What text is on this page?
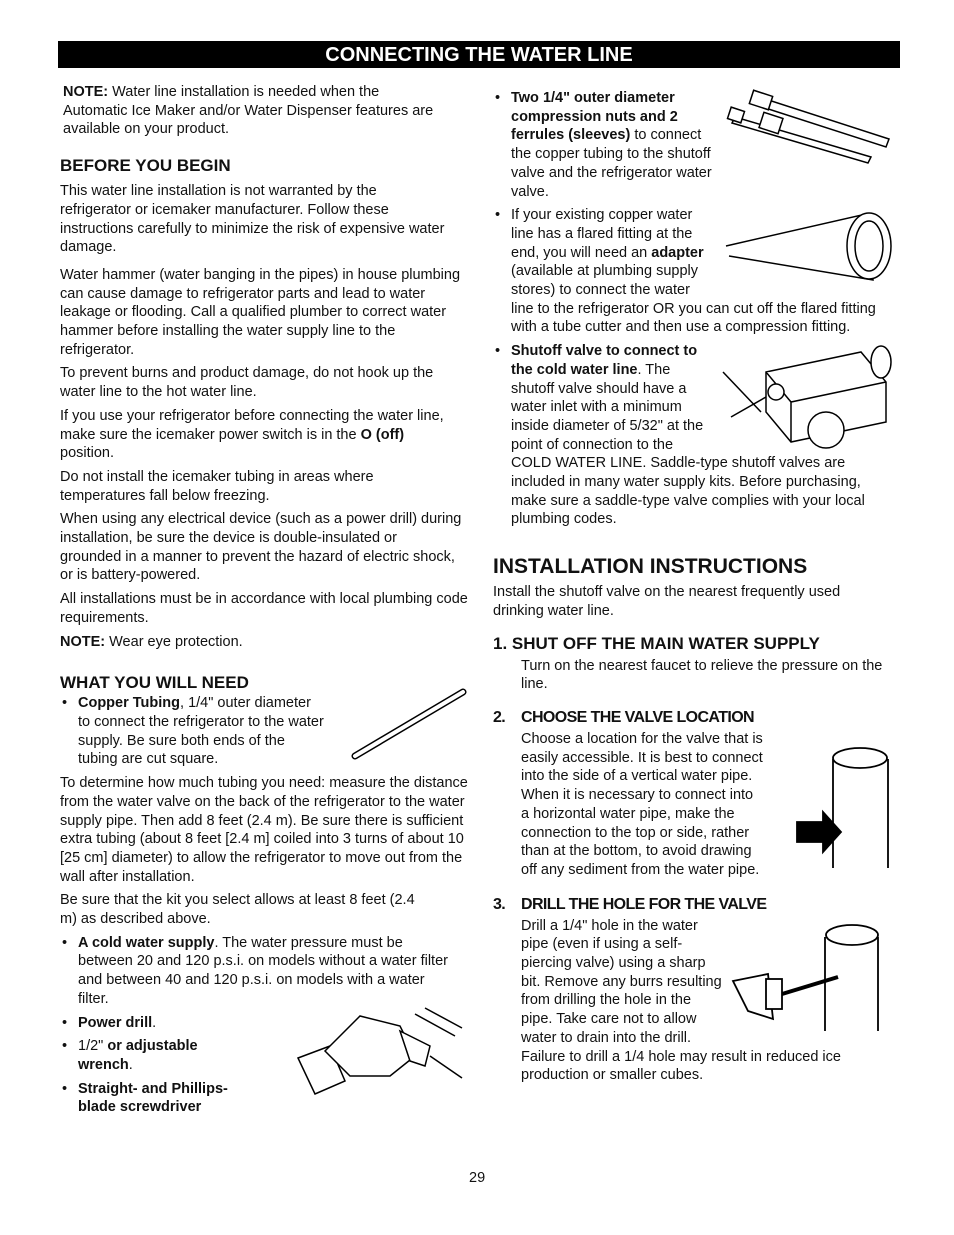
CONNECTING THE WATER LINE

NOTE: Water line installation is needed when the Automatic Ice Maker and/or Water Dispenser features are available on your product.

BEFORE YOU BEGIN

This water line installation is not warranted by the refrigerator or icemaker manufacturer. Follow these instructions carefully to minimize the risk of expensive water damage.

Water hammer (water banging in the pipes) in house plumbing can cause damage to refrigerator parts and lead to water leakage or flooding. Call a qualified plumber to correct water hammer before installing the water supply line to the refrigerator.

To prevent burns and product damage, do not hook up the water line to the hot water line.

If you use your refrigerator before connecting the water line, make sure the icemaker power switch is in the O (off) position.

Do not install the icemaker tubing in areas where temperatures fall below freezing.

When using any electrical device (such as a power drill) during installation, be sure the device is double-insulated or grounded in a manner to prevent the hazard of electric shock, or is battery-powered.

All installations must be in accordance with local plumbing code requirements.

NOTE: Wear eye protection.

WHAT YOU WILL NEED
• Copper Tubing, 1/4" outer diameter to connect the refrigerator to the water supply. Be sure both ends of the tubing are cut square.

To determine how much tubing you need: measure the distance from the water valve on the back of the refrigerator to the water supply pipe. Then add 8 feet (2.4 m). Be sure there is sufficient extra tubing (about 8 feet [2.4 m] coiled into 3 turns of about 10 [25 cm] diameter) to allow the refrigerator to move out from the wall after installation.

Be sure that the kit you select allows at least 8 feet (2.4 m) as described above.

• A cold water supply. The water pressure must be between 20 and 120 p.s.i. on models without a water filter and between 40 and 120 p.s.i. on models with a water filter.
• Power drill.
• 1/2" or adjustable wrench.
• Straight- and Phillips-blade screwdriver
• Two 1/4" outer diameter compression nuts and 2 ferrules (sleeves) to connect the copper tubing to the shutoff valve and the refrigerator water valve.
• If your existing copper water line has a flared fitting at the end, you will need an adapter (available at plumbing supply stores) to connect the water line to the refrigerator OR you can cut off the flared fitting with a tube cutter and then use a compression fitting.
• Shutoff valve to connect to the cold water line. The shutoff valve should have a water inlet with a minimum inside diameter of 5/32" at the point of connection to the COLD WATER LINE. Saddle-type shutoff valves are included in many water supply kits. Before purchasing, make sure a saddle-type valve complies with your local plumbing codes.
INSTALLATION INSTRUCTIONS

Install the shutoff valve on the nearest frequently used drinking water line.

1. SHUT OFF THE MAIN WATER SUPPLY

Turn on the nearest faucet to relieve the pressure on the line.

2. CHOOSE THE VALVE LOCATION
Choose a location for the valve that is easily accessible. It is best to connect into the side of a vertical water pipe. When it is necessary to connect into a horizontal water pipe, make the connection to the top or side, rather than at the bottom, to avoid drawing off any sediment from the water pipe.
3. DRILL THE HOLE FOR THE VALVE
Drill a 1/4" hole in the water pipe (even if using a self-piercing valve) using a sharp bit. Remove any burrs resulting from drilling the hole in the pipe. Take care not to allow water to drain into the drill. Failure to drill a 1/4 hole may result in reduced ice production or smaller cubes.
29
